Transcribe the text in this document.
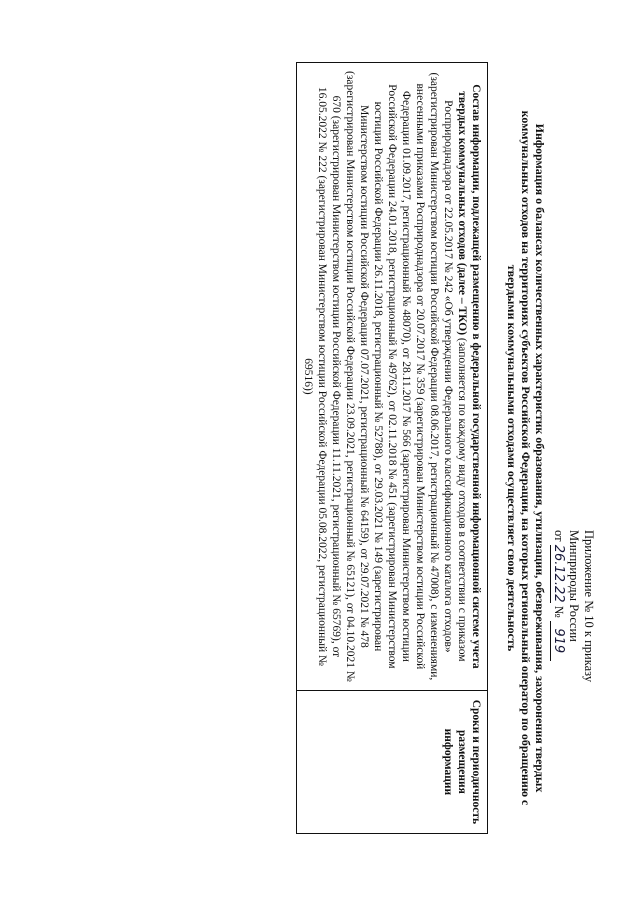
Приложение № 10 к приказу
Минприроды России
от 26.12.22 № 919
Информация о балансах количественных характеристик образования, утилизации, обезвреживания, захоронения твердых коммунальных отходов на территориях субъектов Российской Федерации, на которых региональный оператор по обращению с твердыми коммунальными отходами осуществляет свою деятельность
Состав информации, подлежащей размещению в федеральной государственной информационной системе учета твердых коммунальных отходов (далее – ТКО) (заполняется по каждому виду отходов в соответствии с приказом Росприроднадзора от 22.05.2017 № 242 «Об утверждении Федерального классификационного каталога отходов» (зарегистрирован Министерством юстиции Российской Федерации 08.06.2017, регистрационный № 47008), с изменениями, внесенными приказами Росприроднадзора от 20.07.2017 № 359 (зарегистрирован Министерством юстиции Российской Федерации 01.09.2017, регистрационный № 48070), от 28.11.2017 № 566 (зарегистрирован Министерством юстиции Российской Федерации 24.01.2018, регистрационный № 49762), от 02.11.2018 № 451 (зарегистрирован Министерством юстиции Российской Федерации 26.11.2018, регистрационный № 52788), от 29.03.2021 № 149 (зарегистрирован Министерством юстиции Российской Федерации 07.07.2021, регистрационный № 64159), от 29.07.2021 № 478 (зарегистрирован Министерством юстиции Российской Федерации 23.09.2021, регистрационный № 65121), от 04.10.2021 № 670 (зарегистрирован Министерством юстиции Российской Федерации 11.11.2021, регистрационный № 65769), от 16.05.2022 № 222 (зарегистрирован Министерством юстиции Российской Федерации 05.08.2022, регистрационный № 69516))	Сроки и периодичность размещения информации
